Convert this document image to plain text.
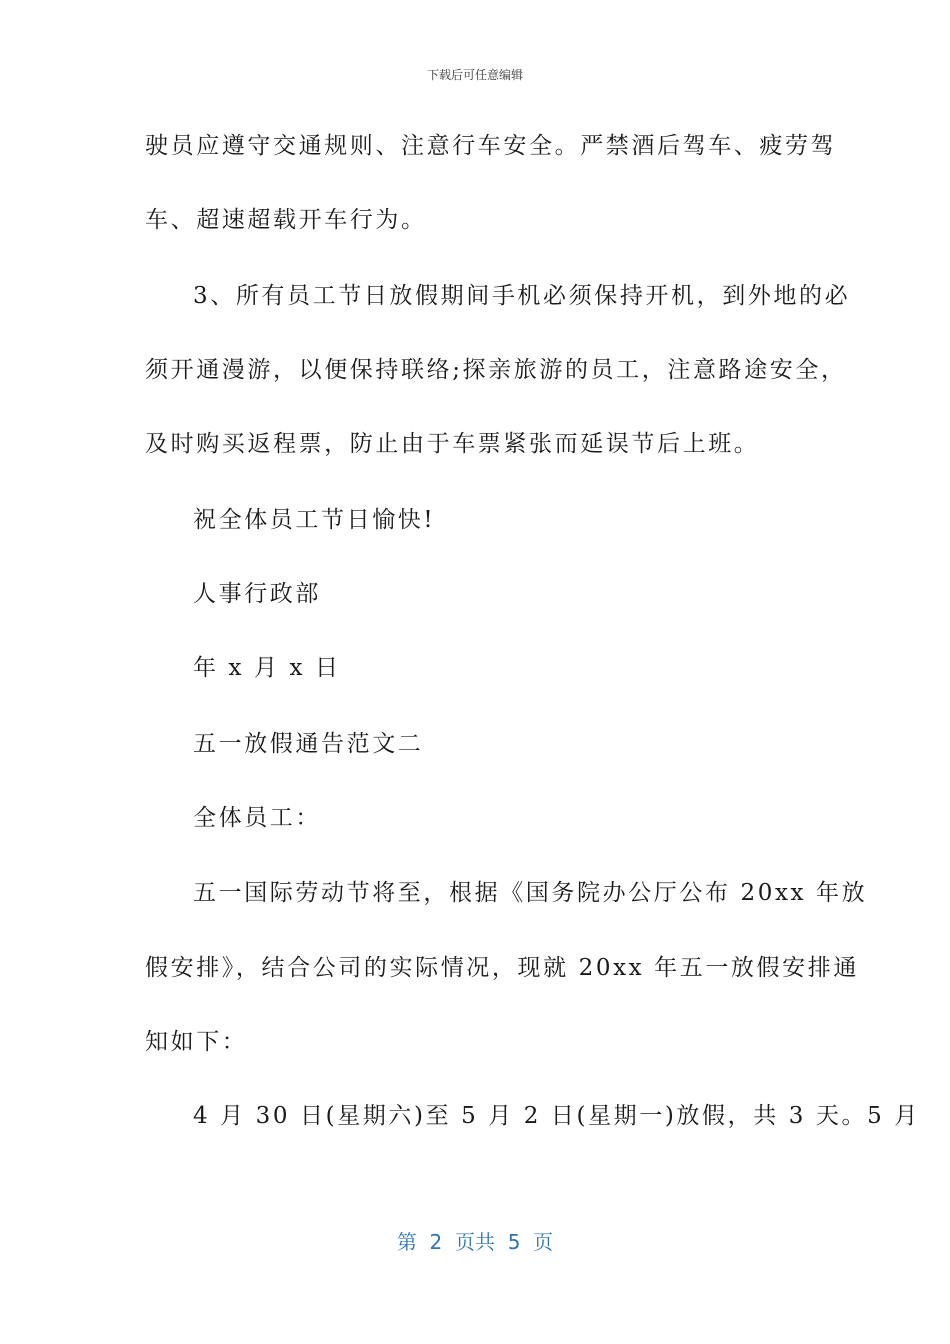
下载后可任意编辑
驶员应遵守交通规则、注意行车安全。严禁酒后驾车、疲劳驾
车、超速超载开车行为。
3、所有员工节日放假期间手机必须保持开机，到外地的必
须开通漫游，以便保持联络;探亲旅游的员工，注意路途安全，
及时购买返程票，防止由于车票紧张而延误节后上班。
祝全体员工节日愉快!
人事行政部
年 x 月 x 日
五一放假通告范文二
全体员工：
五一国际劳动节将至，根据《国务院办公厅公布 20xx 年放
假安排》，结合公司的实际情况，现就 20xx 年五一放假安排通
知如下：
4 月 30 日(星期六)至 5 月 2 日(星期一)放假，共 3 天。5 月
第  2  页共  5  页
